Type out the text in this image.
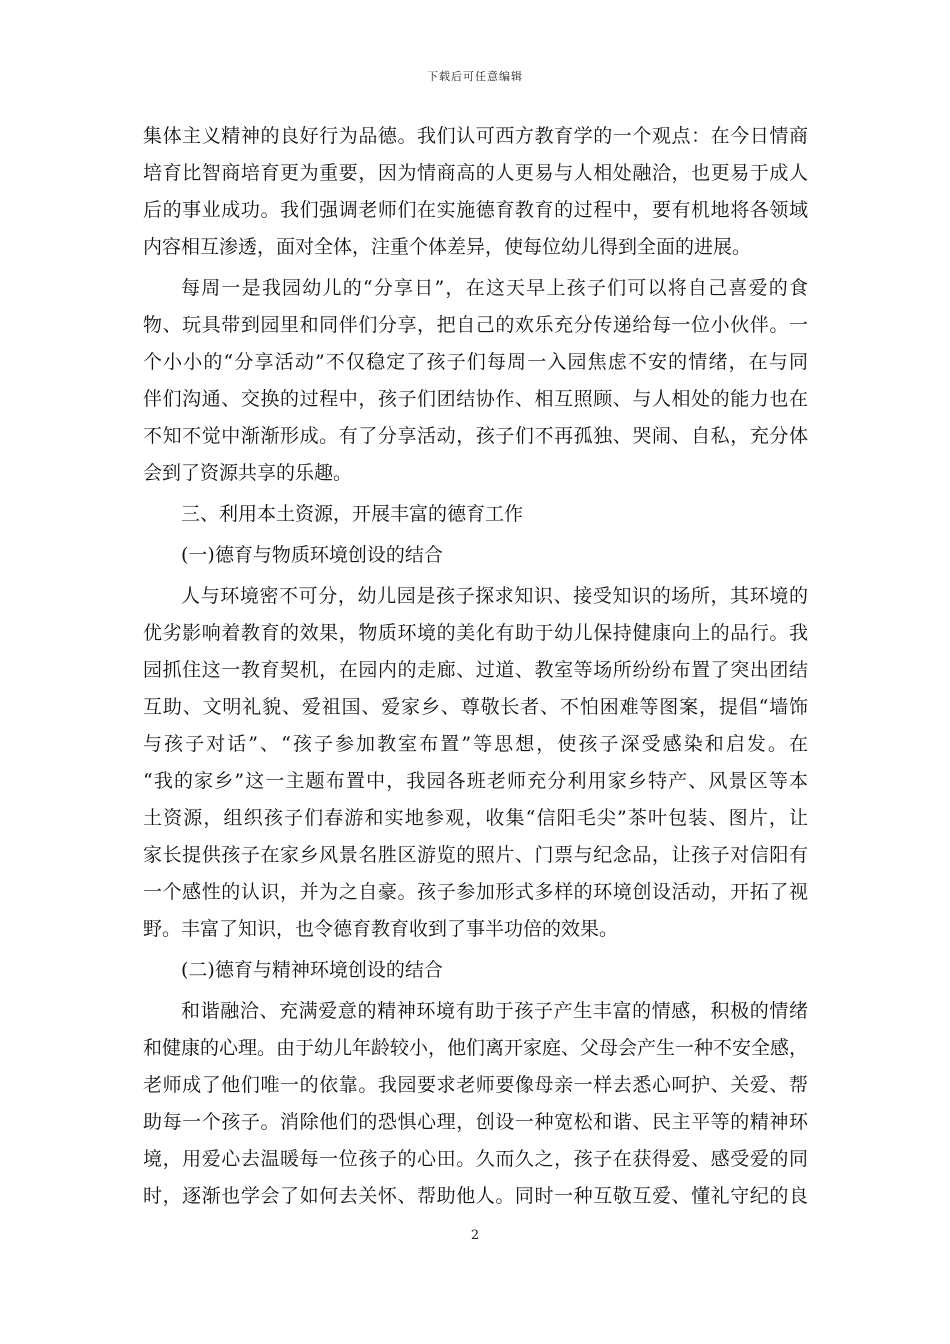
下载后可任意编辑
集体主义精神的良好行为品德。我们认可西方教育学的一个观点：在今日情商
培育比智商培育更为重要，因为情商高的人更易与人相处融洽，也更易于成人
后的事业成功。我们强调老师们在实施德育教育的过程中，要有机地将各领域
内容相互渗透，面对全体，注重个体差异，使每位幼儿得到全面的进展。
每周一是我园幼儿的“分享日”，在这天早上孩子们可以将自己喜爱的食
物、玩具带到园里和同伴们分享，把自己的欢乐充分传递给每一位小伙伴。一
个小小的“分享活动”不仅稳定了孩子们每周一入园焦虑不安的情绪，在与同
伴们沟通、交换的过程中，孩子们团结协作、相互照顾、与人相处的能力也在
不知不觉中渐渐形成。有了分享活动，孩子们不再孤独、哭闹、自私，充分体
会到了资源共享的乐趣。
三、利用本土资源，开展丰富的德育工作
(一)德育与物质环境创设的结合
人与环境密不可分，幼儿园是孩子探求知识、接受知识的场所，其环境的
优劣影响着教育的效果，物质环境的美化有助于幼儿保持健康向上的品行。我
园抓住这一教育契机，在园内的走廊、过道、教室等场所纷纷布置了突出团结
互助、文明礼貌、爱祖国、爱家乡、尊敬长者、不怕困难等图案，提倡“墙饰
与孩子对话”、“孩子参加教室布置”等思想，使孩子深受感染和启发。在
“我的家乡”这一主题布置中，我园各班老师充分利用家乡特产、风景区等本
土资源，组织孩子们春游和实地参观，收集“信阳毛尖”茶叶包装、图片，让
家长提供孩子在家乡风景名胜区游览的照片、门票与纪念品，让孩子对信阳有
一个感性的认识，并为之自豪。孩子参加形式多样的环境创设活动，开拓了视
野。丰富了知识，也令德育教育收到了事半功倍的效果。
(二)德育与精神环境创设的结合
和谐融洽、充满爱意的精神环境有助于孩子产生丰富的情感，积极的情绪
和健康的心理。由于幼儿年龄较小，他们离开家庭、父母会产生一种不安全感，
老师成了他们唯一的依靠。我园要求老师要像母亲一样去悉心呵护、关爱、帮
助每一个孩子。消除他们的恐惧心理，创设一种宽松和谐、民主平等的精神环
境，用爱心去温暖每一位孩子的心田。久而久之，孩子在获得爱、感受爱的同
时，逐渐也学会了如何去关怀、帮助他人。同时一种互敬互爱、懂礼守纪的良
2
